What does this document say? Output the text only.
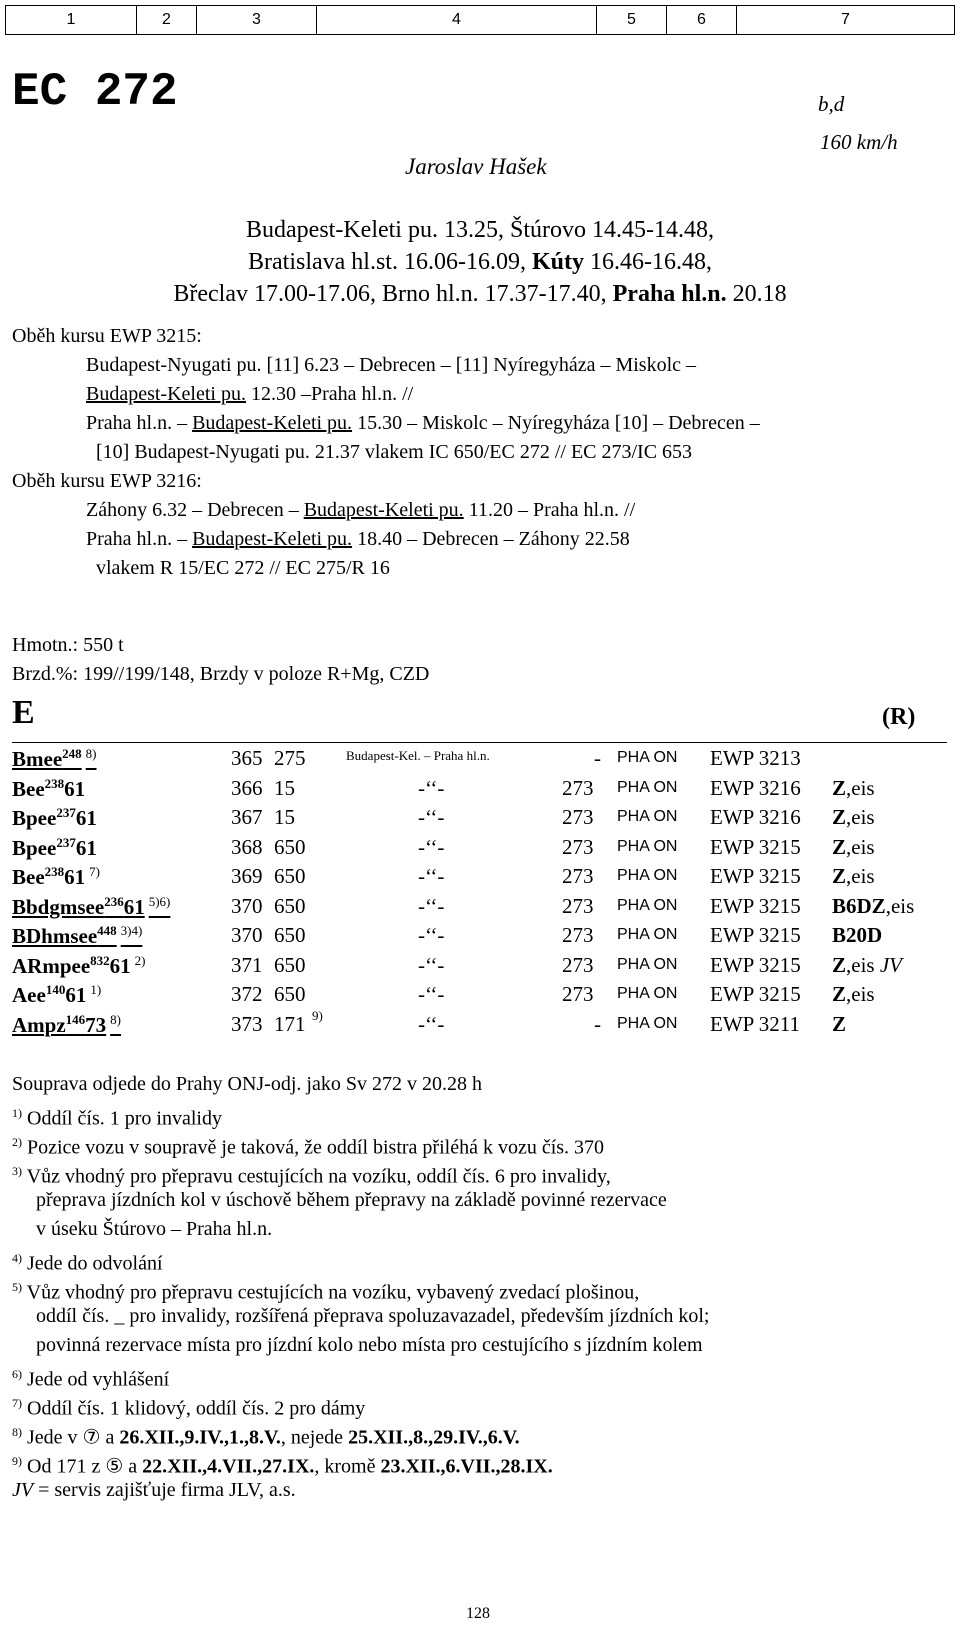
1	2	3	4	5	6	7
EC 272
Jaroslav Hašek
b,d
160 km/h
Budapest-Keleti pu. 13.25, Štúrovo 14.45-14.48,
Bratislava hl.st. 16.06-16.09, Kúty 16.46-16.48,
Břeclav 17.00-17.06, Brno hl.n. 17.37-17.40, Praha hl.n. 20.18
Oběh kursu EWP 3215:
Budapest-Keleti pu. 12.30 –Praha hl.n. //
Budapest-Nyugati pu. [11] 6.23 – Debrecen – [11] Nyíregyháza – Miskolc –
Praha hl.n. – Budapest-Keleti pu. 15.30 – Miskolc – Nyíregyháza [10] – Debrecen –
[10] Budapest-Nyugati pu. 21.37 vlakem IC 650/EC 272 // EC 273/IC 653
Oběh kursu EWP 3216:
Záhony 6.32 – Debrecen – Budapest-Keleti pu. 11.20 – Praha hl.n. //
Praha hl.n. – Budapest-Keleti pu. 18.40 – Debrecen – Záhony 22.58
vlakem R 15/EC 272 // EC 275/R 16
Hmotn.: 550 t
Brzd.%: 199//199/148, Brzdy v poloze R+Mg, CZD
E	(R)
Bmee$^{248}$ $^{8)}$	365 275	Budapest-Kel. – Praha hl.n.	- PHA ON EWP 3213
Bee$^{238}$61	366 15	-‘‘-	273 PHA ON EWP 3216 Z,eis
Bpee$^{237}$61	367 15	-‘‘-	273 PHA ON EWP 3216 Z,eis
Bpee$^{237}$61	368 650	-‘‘-	273 PHA ON EWP 3215 Z,eis
Bee$^{238}$61 $^{7)}$	369 650	-‘‘-	273 PHA ON EWP 3215 Z,eis
Bbdgmsee$^{236}$61 $^{5)6)}$	370 650	-‘‘-	273 PHA ON EWP 3215 B6DZ,eis
BDhmsee$^{448}$ $^{3)4)}$	370 650	-‘‘-	273 PHA ON EWP 3215 B20D
ARmpee$^{832}$61 $^{2)}$	371 650	-‘‘-	273 PHA ON EWP 3215 Z,eis JV
Aee$^{140}$61 $^{1)}$	372 650	-‘‘-	273 PHA ON EWP 3215 Z,eis
Ampz$^{146}$73 $^{8)}$	373 171 9)	-‘‘-	- PHA ON EWP 3211 Z
Souprava odjede do Prahy ONJ-odj. jako Sv 272 v 20.28 h
$^{1)}$ Oddíl čís. 1 pro invalidy
$^{2)}$ Pozice vozu v soupravě je taková, že oddíl bistra přiléhá k vozu čís. 370
$^{3)}$ Vůz vhodný pro přepravu cestujících na vozíku, oddíl čís. 6 pro invalidy,
přeprava jízdních kol v úschově během přepravy na základě povinné rezervace
v úseku Štúrovo – Praha hl.n.
$^{4)}$ Jede do odvolání
$^{5)}$ Vůz vhodný pro přepravu cestujících na vozíku, vybavený zvedací plošinou,
oddíl čís. _ pro invalidy, rozšířená přeprava spoluzavazadel, především jízdních kol;
povinná rezervace místa pro jízdní kolo nebo místa pro cestujícího s jízdním kolem
$^{6)}$ Jede od vyhlášení
$^{7)}$ Oddíl čís. 1 klidový, oddíl čís. 2 pro dámy
$^{8)}$ Jede v ⑦ a 26.XII.,9.IV.,1.,8.V., nejede 25.XII.,8.,29.IV.,6.V.
$^{9)}$ Od 171 z ⑤ a 22.XII.,4.VII.,27.IX., kromě 23.XII.,6.VII.,28.IX.
JV = servis zajišťuje firma JLV, a.s.
128
